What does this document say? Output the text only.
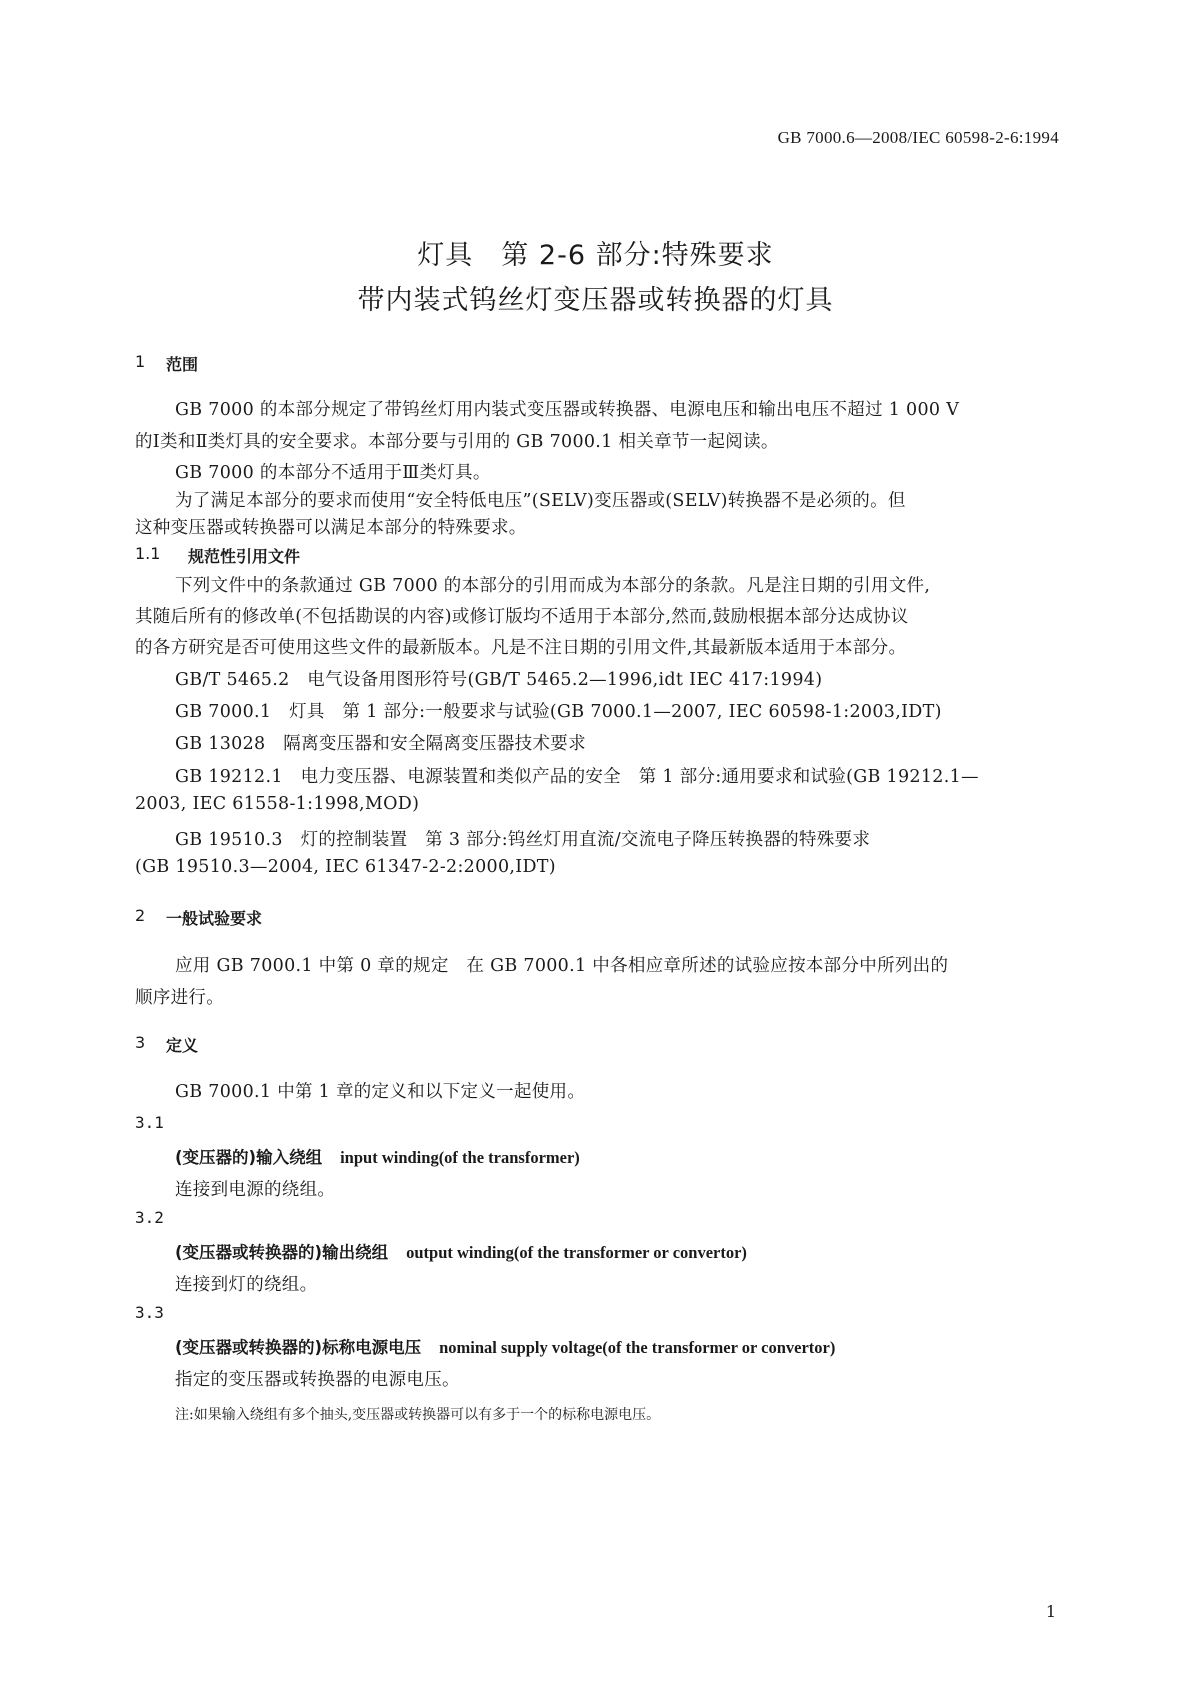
GB 7000.6—2008/IEC 60598-2-6:1994
灯具　第 2-6 部分:特殊要求
带内装式钨丝灯变压器或转换器的灯具
1 范围
GB 7000 的本部分规定了带钨丝灯用内装式变压器或转换器、电源电压和输出电压不超过 1 000 V
的Ⅰ类和Ⅱ类灯具的安全要求。本部分要与引用的 GB 7000.1 相关章节一起阅读。
GB 7000 的本部分不适用于Ⅲ类灯具。
为了满足本部分的要求而使用“安全特低电压”(SELV)变压器或(SELV)转换器不是必须的。但
这种变压器或转换器可以满足本部分的特殊要求。
1.1 规范性引用文件
下列文件中的条款通过 GB 7000 的本部分的引用而成为本部分的条款。凡是注日期的引用文件,
其随后所有的修改单(不包括勘误的内容)或修订版均不适用于本部分,然而,鼓励根据本部分达成协议
的各方研究是否可使用这些文件的最新版本。凡是不注日期的引用文件,其最新版本适用于本部分。
GB/T 5465.2　电气设备用图形符号(GB/T 5465.2—1996,idt IEC 417:1994)
GB 7000.1　灯具　第 1 部分:一般要求与试验(GB 7000.1—2007, IEC 60598-1:2003,IDT)
GB 13028　隔离变压器和安全隔离变压器技术要求
GB 19212.1　电力变压器、电源装置和类似产品的安全　第 1 部分:通用要求和试验(GB 19212.1—
2003, IEC 61558-1:1998,MOD)
GB 19510.3　灯的控制装置　第 3 部分:钨丝灯用直流/交流电子降压转换器的特殊要求
(GB 19510.3—2004, IEC 61347-2-2:2000,IDT)
2 一般试验要求
应用 GB 7000.1 中第 0 章的规定　在 GB 7000.1 中各相应章所述的试验应按本部分中所列出的
顺序进行。
3 定义
GB 7000.1 中第 1 章的定义和以下定义一起使用。
3.1
(变压器的)输入绕组 input winding(of the transformer)
连接到电源的绕组。
3.2
(变压器或转换器的)输出绕组 output winding(of the transformer or convertor)
连接到灯的绕组。
3.3
(变压器或转换器的)标称电源电压 nominal supply voltage(of the transformer or convertor)
指定的变压器或转换器的电源电压。
注:如果输入绕组有多个抽头,变压器或转换器可以有多于一个的标称电源电压。
1
